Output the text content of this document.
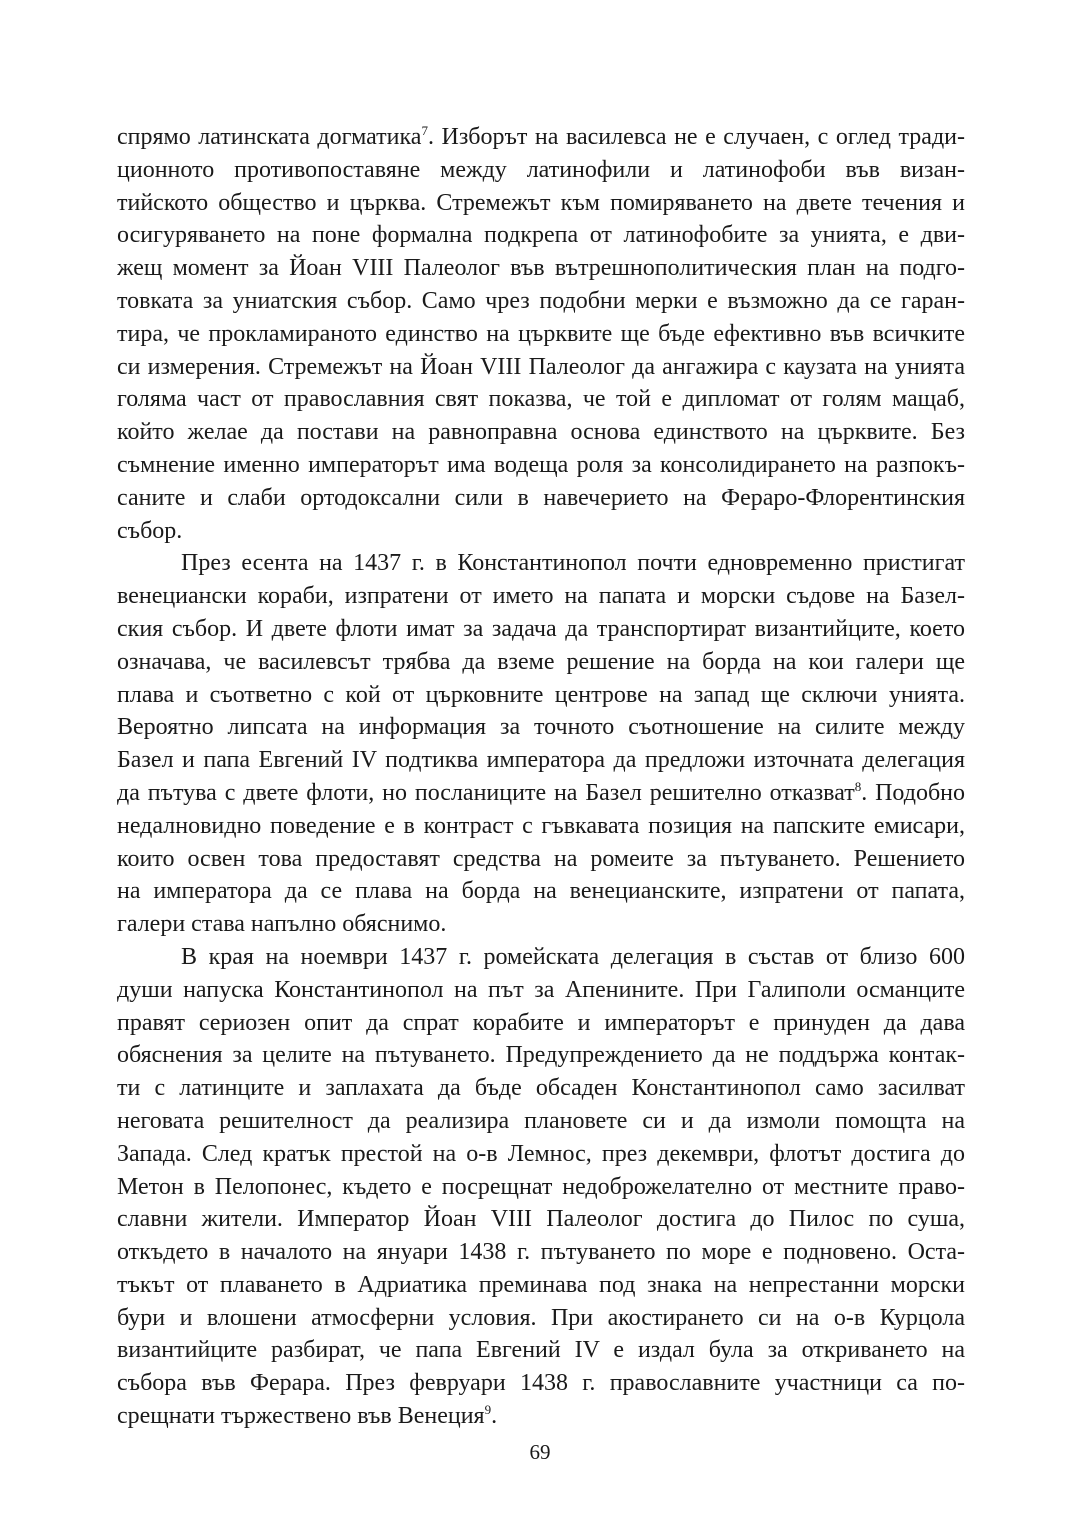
спрямо латинската догматика$^7$. Изборът на василевса не е случаен, с оглед тради-
ционното противопоставяне между латинофили и латинофоби във визан-
тийското общество и църква. Стремежът към помиряването на двете течения и
осигуряването на поне формална подкрепа от латинофобите за унията, е дви-
жещ момент за Йоан VIII Палеолог във вътрешнополитическия план на подго-
товката за униатския събор. Само чрез подобни мерки е възможно да се гаран-
тира, че прокламираното единство на църквите ще бъде ефективно във всичките
си измерения. Стремежът на Йоан VIII Палеолог да ангажира с каузата на унията
голяма част от православния свят показва, че той е дипломат от голям мащаб,
който желае да постави на равноправна основа единството на църквите. Без
съмнение именно императорът има водеща роля за консолидирането на разпокъ-
саните и слаби ортодоксални сили в навечерието на Фераро-Флорентинския
събор.
През есента на 1437 г. в Константинопол почти едновременно пристигат
венециански кораби, изпратени от името на папата и морски съдове на Базел-
ския събор. И двете флоти имат за задача да транспортират византийците, което
означава, че василевсът трябва да вземе решение на борда на кои галери ще
плава и съответно с кой от църковните центрове на запад ще сключи унията.
Вероятно липсата на информация за точното съотношение на силите между
Базел и папа Евгений IV подтиква императора да предложи източната делегация
да пътува с двете флоти, но посланиците на Базел решително отказват$^8$. Подобно
недалновидно поведение е в контраст с гъвкавата позиция на папските емисари,
които освен това предоставят средства на ромеите за пътуването. Решението
на императора да се плава на борда на венецианските, изпратени от папата,
галери става напълно обяснимо.
В края на ноември 1437 г. ромейската делегация в състав от близо 600
души напуска Константинопол на път за Апенините. При Галиполи османците
правят сериозен опит да спрат корабите и императорът е принуден да дава
обяснения за целите на пътуването. Предупреждението да не поддържа контак-
ти с латинците и заплахата да бъде обсаден Константинопол само засилват
неговата решителност да реализира плановете си и да измоли помощта на
Запада. След кратък престой на о-в Лемнос, през декември, флотът достига до
Метон в Пелопонес, където е посрещнат недоброжелателно от местните право-
славни жители. Император Йоан VIII Палеолог достига до Пилос по суша,
откъдето в началото на януари 1438 г. пътуването по море е подновено. Оста-
тъкът от плаването в Адриатика преминава под знака на непрестанни морски
бури и влошени атмосферни условия. При акостирането си на о-в Курцола
византийците разбират, че папа Евгений IV е издал була за откриването на
събора във Ферара. През февруари 1438 г. православните участници са по-
срещнати тържествено във Венеция$^9$.
69
